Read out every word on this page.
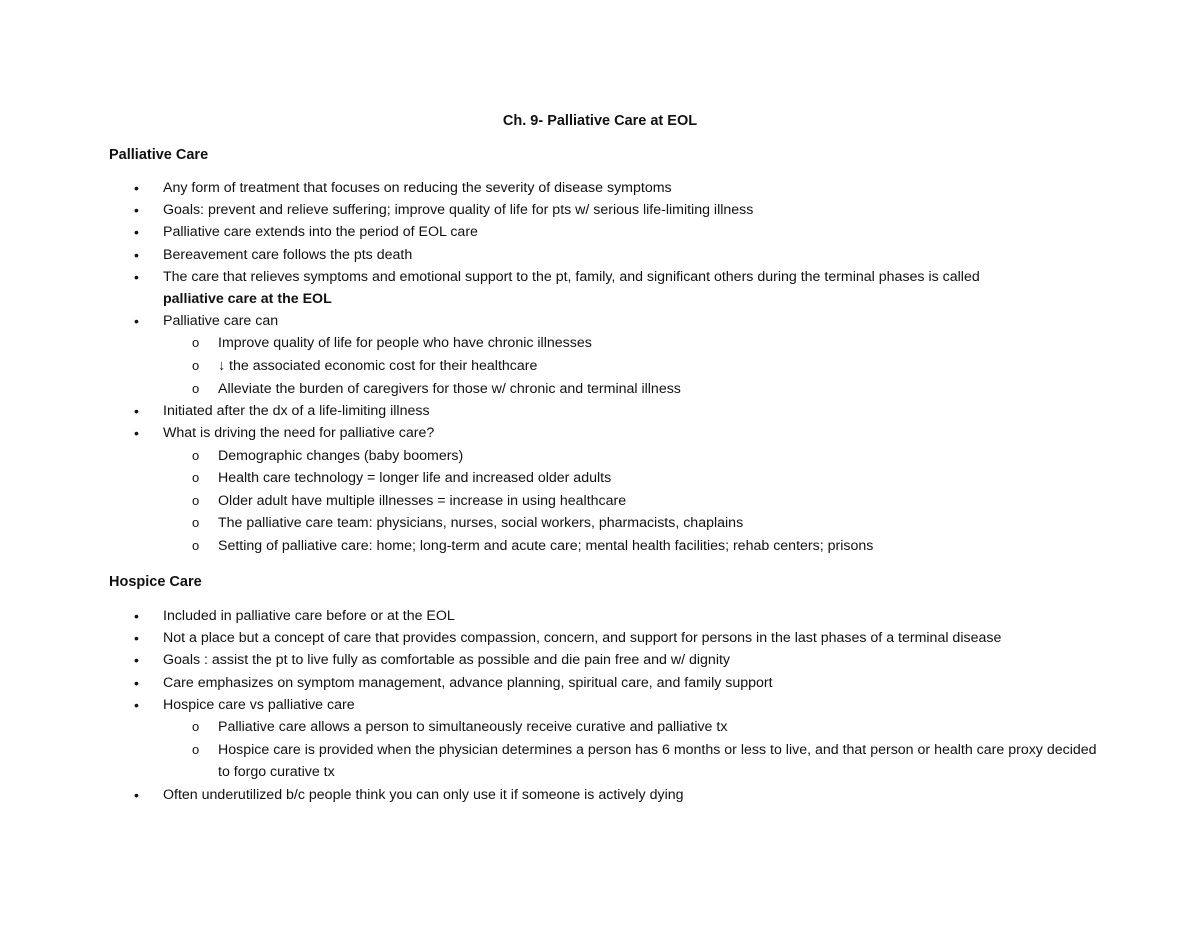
Ch. 9- Palliative Care at EOL
Palliative Care
• Any form of treatment that focuses on reducing the severity of disease symptoms
• Goals: prevent and relieve suffering; improve quality of life for pts w/ serious life-limiting illness
• Palliative care extends into the period of EOL care
• Bereavement care follows the pts death
• The care that relieves symptoms and emotional support to the pt, family, and significant others during the terminal phases is called
palliative care at the EOL
• Palliative care can
o Improve quality of life for people who have chronic illnesses
o ↓ the associated economic cost for their healthcare
o Alleviate the burden of caregivers for those w/ chronic and terminal illness
• Initiated after the dx of a life-limiting illness
• What is driving the need for palliative care?
o Demographic changes (baby boomers)
o Health care technology = longer life and increased older adults
o Older adult have multiple illnesses = increase in using healthcare
o The palliative care team: physicians, nurses, social workers, pharmacists, chaplains
o Setting of palliative care: home; long-term and acute care; mental health facilities; rehab centers; prisons
Hospice Care
• Included in palliative care before or at the EOL
• Not a place but a concept of care that provides compassion, concern, and support for persons in the last phases of a terminal disease
• Goals : assist the pt to live fully as comfortable as possible and die pain free and w/ dignity
• Care emphasizes on symptom management, advance planning, spiritual care, and family support
• Hospice care vs palliative care
o Palliative care allows a person to simultaneously receive curative and palliative tx
o Hospice care is provided when the physician determines a person has 6 months or less to live, and that person or health care proxy decided to forgo curative tx
• Often underutilized b/c people think you can only use it if someone is actively dying
